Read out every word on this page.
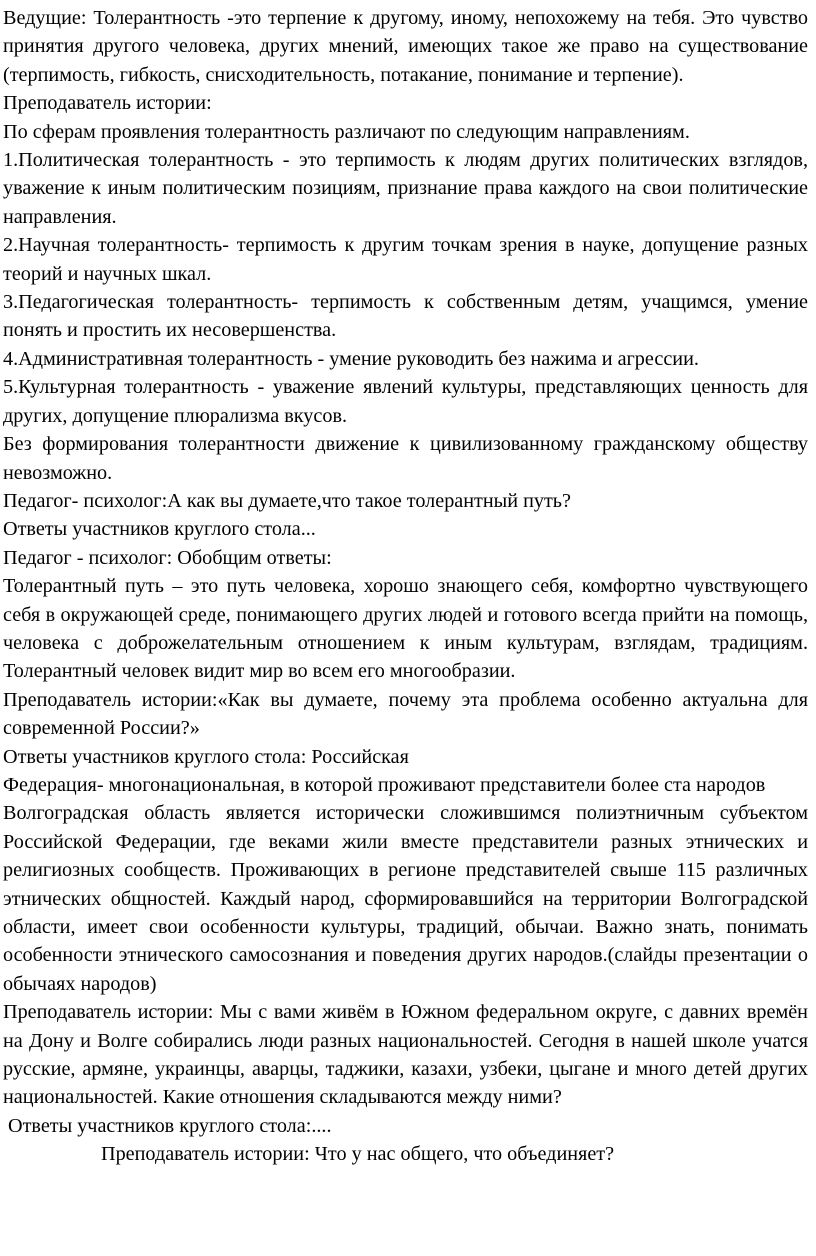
Ведущие: Толерантность -это терпение к другому, иному, непохожему на тебя. Это чувство принятия другого человека, других мнений, имеющих такое же право на существование (терпимость, гибкость, снисходительность, потакание, понимание и терпение).

Преподаватель истории:

По сферам проявления толерантность различают по следующим направлениям.

1.Политическая толерантность - это терпимость к людям других политических взглядов, уважение к иным политическим позициям, признание права каждого на свои политические направления.

2.Научная толерантность- терпимость к другим точкам зрения в науке, допущение разных теорий и научных шкал.

3.Педагогическая толерантность- терпимость к собственным детям, учащимся, умение понять и простить их несовершенства.

4.Административная толерантность - умение руководить без нажима и агрессии.

5.Культурная толерантность - уважение явлений культуры, представляющих ценность для других, допущение плюрализма вкусов.

Без формирования толерантности движение к цивилизованному гражданскому обществу невозможно.

Педагог- психолог:А как вы думаете,что такое толерантный путь?

Ответы участников круглого стола...

Педагог - психолог: Обобщим ответы:

Толерантный путь – это путь человека, хорошо знающего себя, комфортно чувствующего себя в окружающей среде, понимающего других людей и готового всегда прийти на помощь, человека с доброжелательным отношением к иным культурам, взглядам, традициям. Толерантный человек видит мир во всем его многообразии.

Преподаватель истории:«Как вы думаете, почему эта проблема особенно актуальна для современной России?»

Ответы участников круглого стола: Российская

Федерация- многонациональная, в которой проживают представители более ста народов

Волгоградская область является исторически сложившимся полиэтничным субъектом Российской Федерации, где веками жили вместе представители разных этнических и религиозных сообществ. Проживающих в регионе представителей свыше 115 различных этнических общностей. Каждый народ, сформировавшийся на территории Волгоградской области, имеет свои особенности культуры, традиций, обычаи. Важно знать, понимать особенности этнического самосознания и поведения других народов.(слайды презентации о обычаях народов)

Преподаватель истории: Мы с вами живём в Южном федеральном округе, с давних времён на Дону и Волге собирались люди разных национальностей. Сегодня в нашей школе учатся русские, армяне, украинцы, аварцы, таджики, казахи, узбеки, цыгане и много детей других национальностей. Какие отношения складываются между ними?

Ответы участников круглого стола:....

Преподаватель истории: Что у нас общего, что объединяет?
